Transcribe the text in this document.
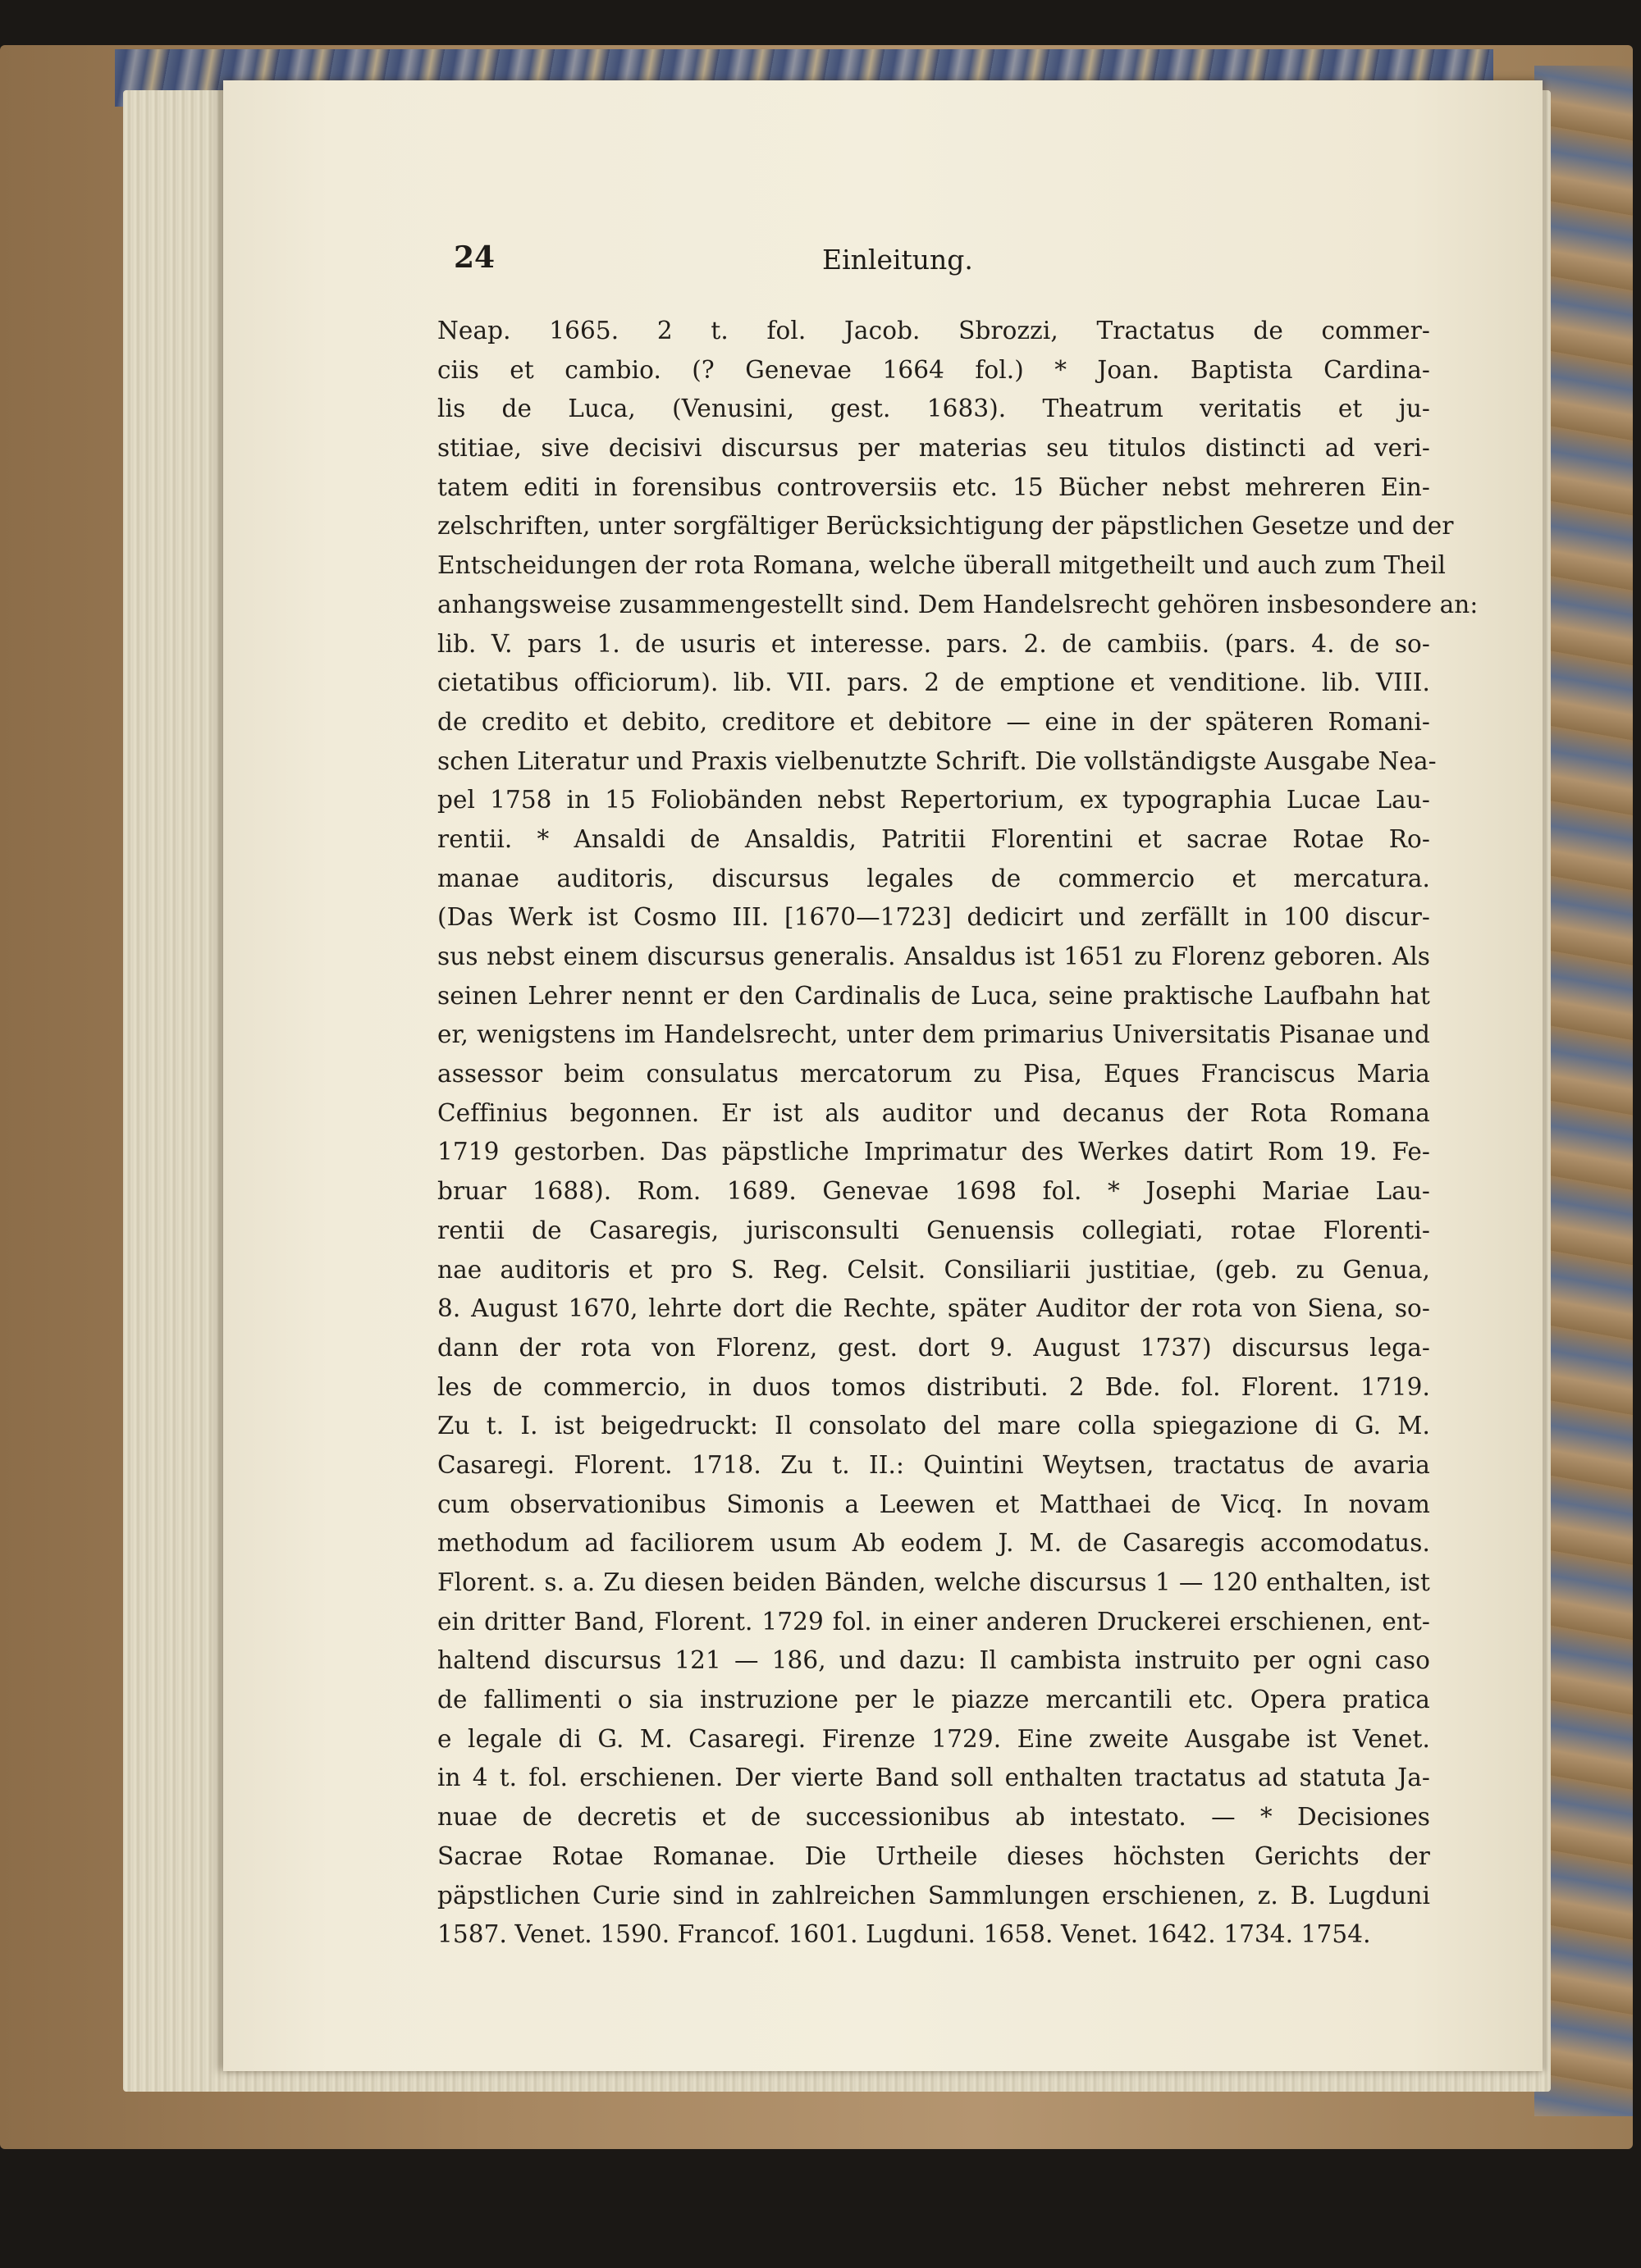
24	Einleitung.
Neap. 1665. 2 t. fol. Jacob. Sbrozzi, Tractatus de commer-
ciis et cambio. (? Genevae 1664 fol.) * Joan. Baptista Cardina-
lis de Luca, (Venusini, gest. 1683). Theatrum veritatis et ju-
stitiae, sive decisivi discursus per materias seu titulos distincti ad veri-
tatem editi in forensibus controversiis etc. 15 Bücher nebst mehreren Ein-
zelschriften, unter sorgfältiger Berücksichtigung der päpstlichen Gesetze und der
Entscheidungen der rota Romana, welche überall mitgetheilt und auch zum Theil
anhangsweise zusammengestellt sind. Dem Handelsrecht gehören insbesondere an:
lib. V. pars 1. de usuris et interesse. pars. 2. de cambiis. (pars. 4. de so-
cietatibus officiorum). lib. VII. pars. 2 de emptione et venditione. lib. VIII.
de credito et debito, creditore et debitore — eine in der späteren Romani-
schen Literatur und Praxis vielbenutzte Schrift. Die vollständigste Ausgabe Nea-
pel 1758 in 15 Foliobänden nebst Repertorium, ex typographia Lucae Lau-
rentii. * Ansaldi de Ansaldis, Patritii Florentini et sacrae Rotae Ro-
manae auditoris, discursus legales de commercio et mercatura.
(Das Werk ist Cosmo III. [1670—1723] dedicirt und zerfällt in 100 discur-
sus nebst einem discursus generalis. Ansaldus ist 1651 zu Florenz geboren. Als
seinen Lehrer nennt er den Cardinalis de Luca, seine praktische Laufbahn hat
er, wenigstens im Handelsrecht, unter dem primarius Universitatis Pisanae und
assessor beim consulatus mercatorum zu Pisa, Eques Franciscus Maria
Ceffinius begonnen. Er ist als auditor und decanus der Rota Romana
1719 gestorben. Das päpstliche Imprimatur des Werkes datirt Rom 19. Fe-
bruar 1688). Rom. 1689. Genevae 1698 fol. * Josephi Mariae Lau-
rentii de Casaregis, jurisconsulti Genuensis collegiati, rotae Florenti-
nae auditoris et pro S. Reg. Celsit. Consiliarii justitiae, (geb. zu Genua,
8. August 1670, lehrte dort die Rechte, später Auditor der rota von Siena, so-
dann der rota von Florenz, gest. dort 9. August 1737) discursus lega-
les de commercio, in duos tomos distributi. 2 Bde. fol. Florent. 1719.
Zu t. I. ist beigedruckt: Il consolato del mare colla spiegazione di G. M.
Casaregi. Florent. 1718. Zu t. II.: Quintini Weytsen, tractatus de avaria
cum observationibus Simonis a Leewen et Matthaei de Vicq. In novam
methodum ad faciliorem usum Ab eodem J. M. de Casaregis accomodatus.
Florent. s. a. Zu diesen beiden Bänden, welche discursus 1 — 120 enthalten, ist
ein dritter Band, Florent. 1729 fol. in einer anderen Druckerei erschienen, ent-
haltend discursus 121 — 186, und dazu: Il cambista instruito per ogni caso
de fallimenti o sia instruzione per le piazze mercantili etc. Opera pratica
e legale di G. M. Casaregi. Firenze 1729. Eine zweite Ausgabe ist Venet.
in 4 t. fol. erschienen. Der vierte Band soll enthalten tractatus ad statuta Ja-
nuae de decretis et de successionibus ab intestato. — * Decisiones
Sacrae Rotae Romanae. Die Urtheile dieses höchsten Gerichts der
päpstlichen Curie sind in zahlreichen Sammlungen erschienen, z. B. Lugduni
1587. Venet. 1590. Francof. 1601. Lugduni. 1658. Venet. 1642. 1734. 1754.
